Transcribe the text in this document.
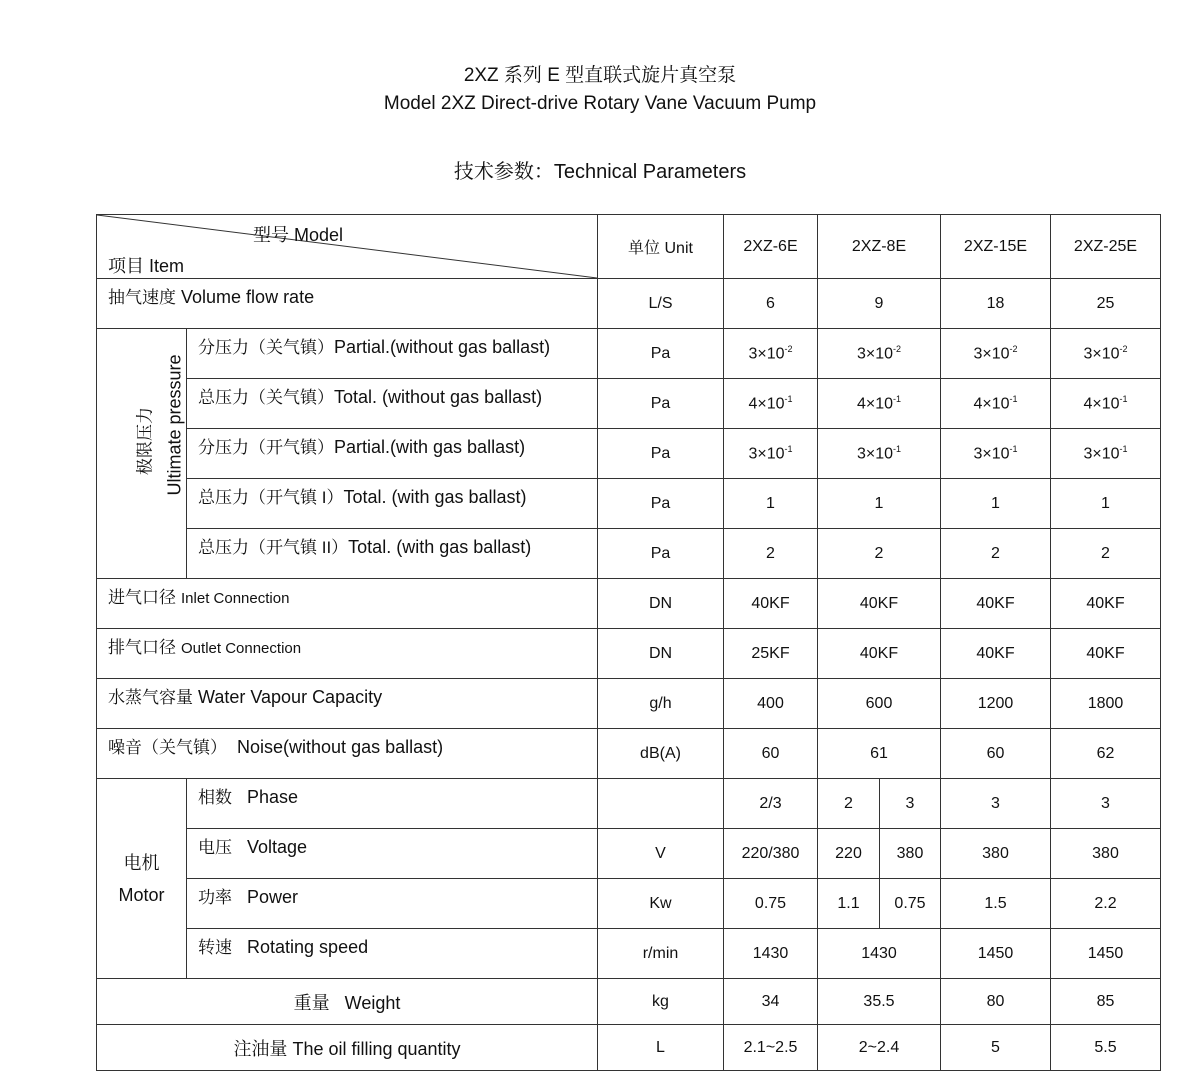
2XZ 系列 E 型直联式旋片真空泵
Model 2XZ Direct-drive Rotary Vane Vacuum Pump
技术参数：Technical Parameters
型号 Model
项目 Item		单位 Unit	2XZ-6E	2XZ-8E		2XZ-15E	2XZ-25E
抽气速度 Volume flow rate		L/S	6	9		18	25

极限压力 Ultimate pressure	分压力（关气镇）Partial.(without gas ballast)	Pa	$3\times 10^{-2}$	$3\times 10^{-2}$		$3\times 10^{-2}$	$3\times 10^{-2}$
	总压力（关气镇）Total. (without gas ballast)	Pa	$4\times 10^{-1}$	$4\times 10^{-1}$		$4\times 10^{-1}$	$4\times 10^{-1}$
	分压力（开气镇）Partial.(with gas ballast)	Pa	$3\times 10^{-1}$	$3\times 10^{-1}$		$3\times 10^{-1}$	$3\times 10^{-1}$
	总压力（开气镇 I）Total. (with gas ballast)	Pa	1	1		1	1
	总压力（开气镇 II）Total. (with gas ballast)	Pa	2	2		2	2
进气口径 Inlet Connection		DN	40KF	40KF		40KF	40KF
排气口径 Outlet Connection		DN	25KF	40KF		40KF	40KF
水蒸气容量 Water Vapour Capacity		g/h	400	600		1200	1800
噪音（关气镇） Noise(without gas ballast)		dB(A)	60	61		60	62

电机
Motor	相数 Phase		2/3	2	3	3	3
	电压 Voltage	V	220/380	220	380	380	380
	功率 Power	Kw	0.75	1.1	0.75	1.5	2.2
	转速 Rotating speed	r/min	1430	1430		1450	1450
重量 Weight		kg	34	35.5		80	85
注油量 The oil filling quantity		L	2.1~2.5	2~2.4		5	5.5
